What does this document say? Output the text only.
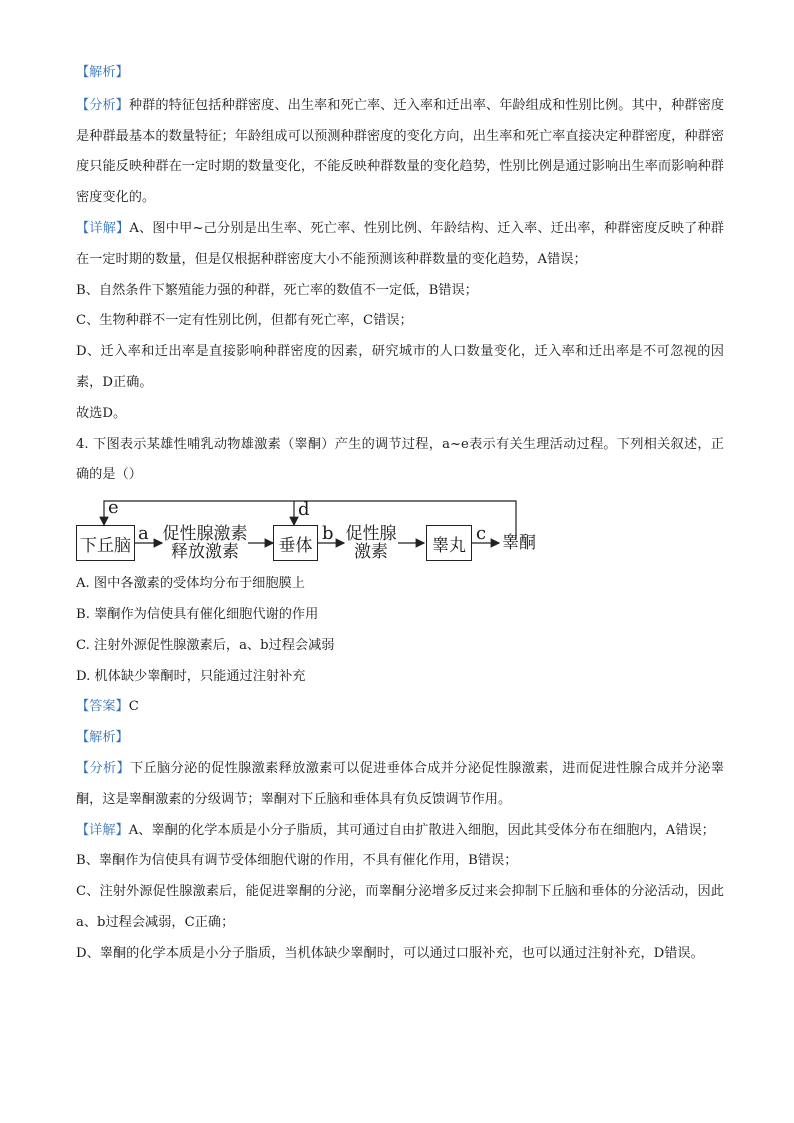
【解析】
【分析】种群的特征包括种群密度、出生率和死亡率、迁入率和迁出率、年龄组成和性别比例。其中，种群密度是种群最基本的数量特征；年龄组成可以预测种群密度的变化方向，出生率和死亡率直接决定种群密度，种群密度只能反映种群在一定时期的数量变化，不能反映种群数量的变化趋势，性别比例是通过影响出生率而影响种群密度变化的。
【详解】A、图中甲~己分别是出生率、死亡率、性别比例、年龄结构、迁入率、迁出率，种群密度反映了种群在一定时期的数量，但是仅根据种群密度大小不能预测该种群数量的变化趋势，A错误；
B、自然条件下繁殖能力强的种群，死亡率的数值不一定低，B错误；
C、生物种群不一定有性别比例，但都有死亡率，C错误；
D、迁入率和迁出率是直接影响种群密度的因素，研究城市的人口数量变化，迁入率和迁出率是不可忽视的因素，D正确。
故选D。
4. 下图表示某雄性哺乳动物雄激素（睾酮）产生的调节过程，a~e表示有关生理活动过程。下列相关叙述，正确的是（）
下丘脑	垂体	睾丸
促性腺激素
释放激素
促性腺
激素	睾酮
a	b	c
d
e
A. 图中各激素的受体均分布于细胞膜上
B. 睾酮作为信使具有催化细胞代谢的作用
C. 注射外源促性腺激素后，a、b过程会减弱
D. 机体缺少睾酮时，只能通过注射补充
【答案】C
【解析】
【分析】下丘脑分泌的促性腺激素释放激素可以促进垂体合成并分泌促性腺激素，进而促进性腺合成并分泌睾酮，这是睾酮激素的分级调节；睾酮对下丘脑和垂体具有负反馈调节作用。
【详解】A、睾酮的化学本质是小分子脂质，其可通过自由扩散进入细胞，因此其受体分布在细胞内，A错误；
B、睾酮作为信使具有调节受体细胞代谢的作用，不具有催化作用，B错误；
C、注射外源促性腺激素后，能促进睾酮的分泌，而睾酮分泌增多反过来会抑制下丘脑和垂体的分泌活动，因此a、b过程会减弱，C正确；
D、睾酮的化学本质是小分子脂质，当机体缺少睾酮时，可以通过口服补充，也可以通过注射补充，D错误。
